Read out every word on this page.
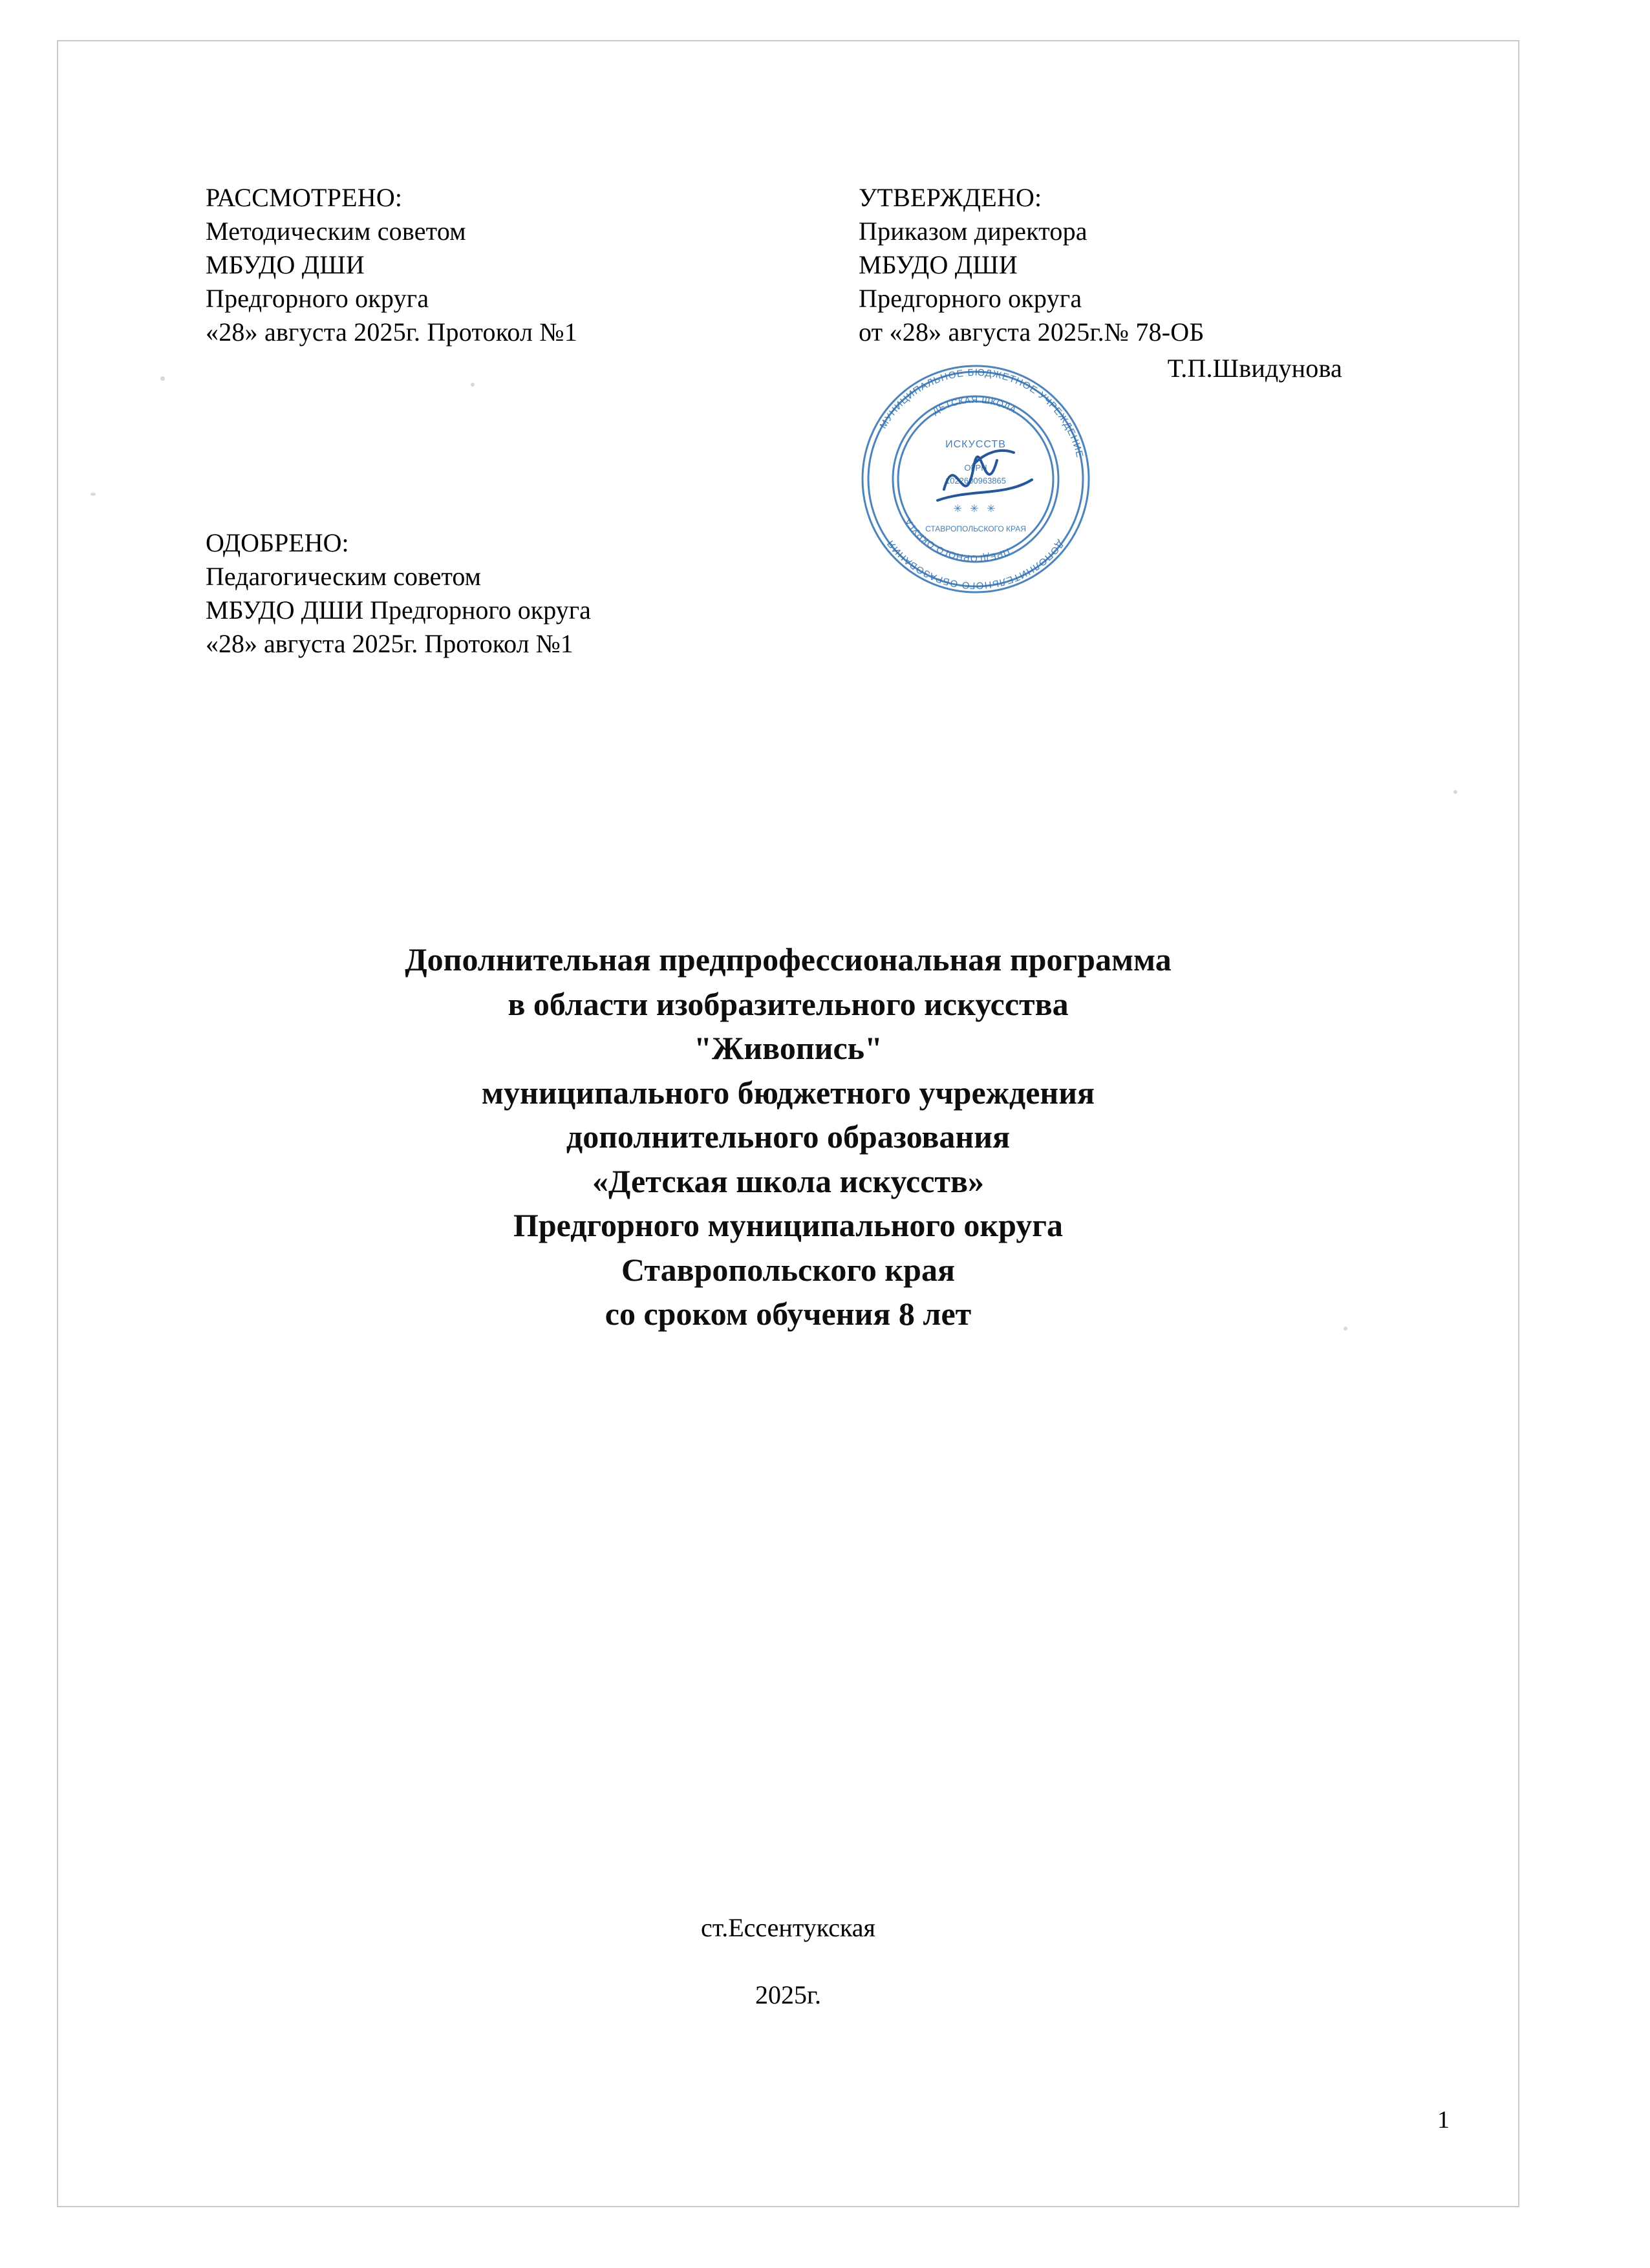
РАССМОТРЕНО:
Методическим советом
МБУДО ДШИ
Предгорного округа
«28» августа 2025г. Протокол №1
УТВЕРЖДЕНО:
Приказом директора
МБУДО ДШИ
Предгорного округа
от «28» августа 2025г.№ 78-ОБ
Т.П.Швидунова
МУНИЦИПАЛЬНОЕ БЮДЖЕТНОЕ УЧРЕЖДЕНИЕ
ДОПОЛНИТЕЛЬНОГО ОБРАЗОВАНИЯ
ДЕТСКАЯ ШКОЛА
ПРЕДГОРНОГО ОКРУГА
ИСКУССТВ
ОГРН
1022600963865
✳ ✳ ✳
СТАВРОПОЛЬСКОГО КРАЯ
ОДОБРЕНО:
Педагогическим советом
МБУДО ДШИ Предгорного округа
«28» августа 2025г. Протокол №1
Дополнительная предпрофессиональная программа
в области изобразительного искусства
"Живопись"
муниципального бюджетного учреждения
дополнительного образования
«Детская школа искусств»
Предгорного муниципального округа
Ставропольского края
со сроком обучения 8 лет
ст.Ессентукская
2025г.
1
